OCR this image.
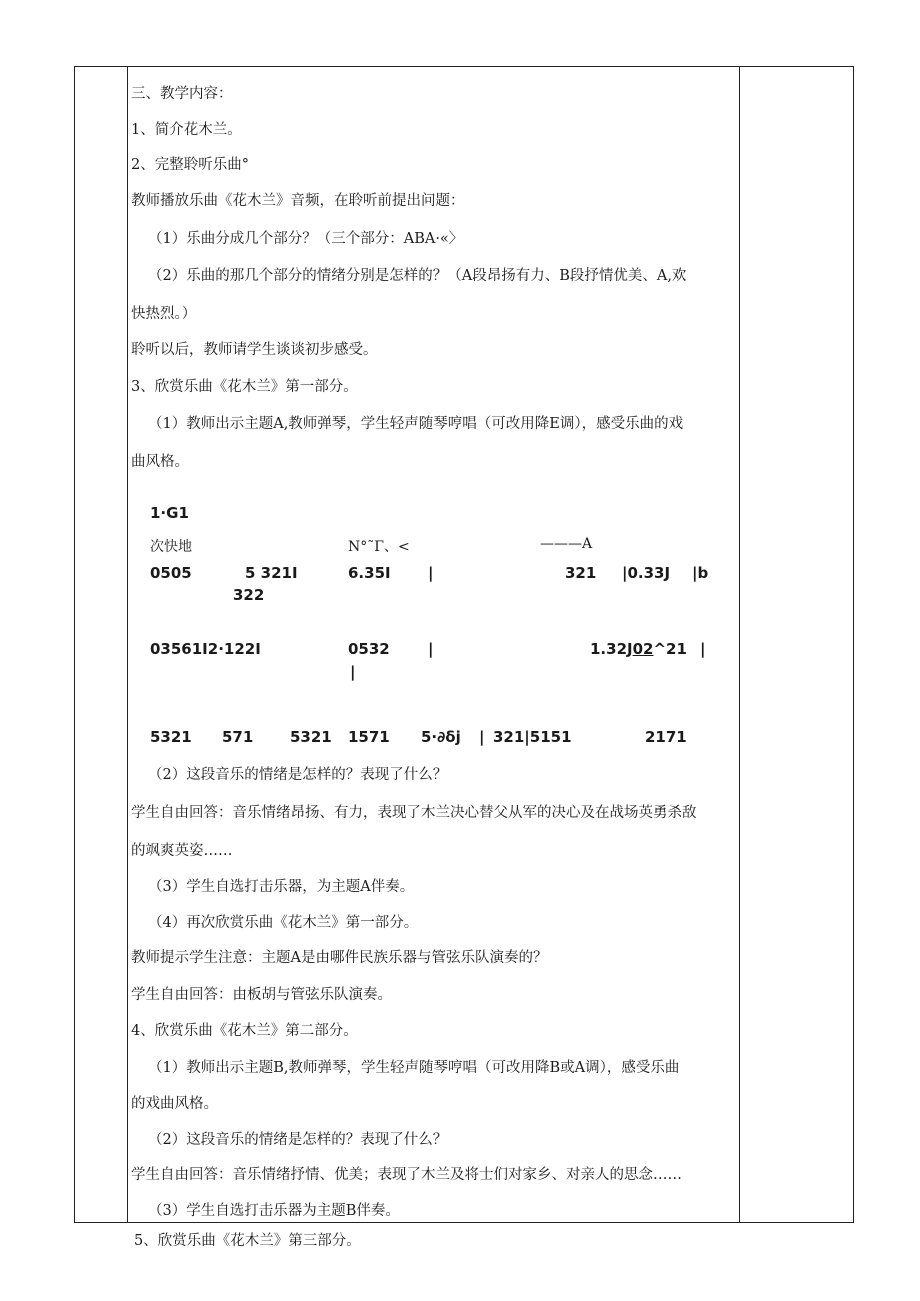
三、教学内容：
1、简介花木兰。
2、完整聆听乐曲°
教师播放乐曲《花木兰》音频，在聆听前提出问题：
（1）乐曲分成几个部分？（三个部分：ABA·«〉
（2）乐曲的那几个部分的情绪分别是怎样的？（A段昂扬有力、B段抒情优美、A,欢
快热烈。）
聆听以后，教师请学生谈谈初步感受。
3、欣赏乐曲《花木兰》第一部分。
（1）教师出示主题A,教师弹琴，学生轻声随琴哼唱（可改用降E调），感受乐曲的戏
曲风格。
1·G1
次快地	N°˜Γ、<	———A
0505	5 321I	6.35I |	321 |0.33J |b
322
03561I2·122I	0532	|	1.32J02^21 |
|
5321 571 5321 1571 5·∂δj | 321|5151	2171
（2）这段音乐的情绪是怎样的？表现了什么？
学生自由回答：音乐情绪昂扬、有力，表现了木兰决心替父从军的决心及在战场英勇杀敌
的飒爽英姿……
（3）学生自选打击乐器，为主题A伴奏。
（4）再次欣赏乐曲《花木兰》第一部分。
教师提示学生注意：主题A是由哪件民族乐器与管弦乐队演奏的？
学生自由回答：由板胡与管弦乐队演奏。
4、欣赏乐曲《花木兰》第二部分。
（1）教师出示主题B,教师弹琴，学生轻声随琴哼唱（可改用降B或A调），感受乐曲
的戏曲风格。
（2）这段音乐的情绪是怎样的？表现了什么？
学生自由回答：音乐情绪抒情、优美；表现了木兰及将士们对家乡、对亲人的思念……
（3）学生自选打击乐器为主题B伴奏。
5、欣赏乐曲《花木兰》第三部分。
